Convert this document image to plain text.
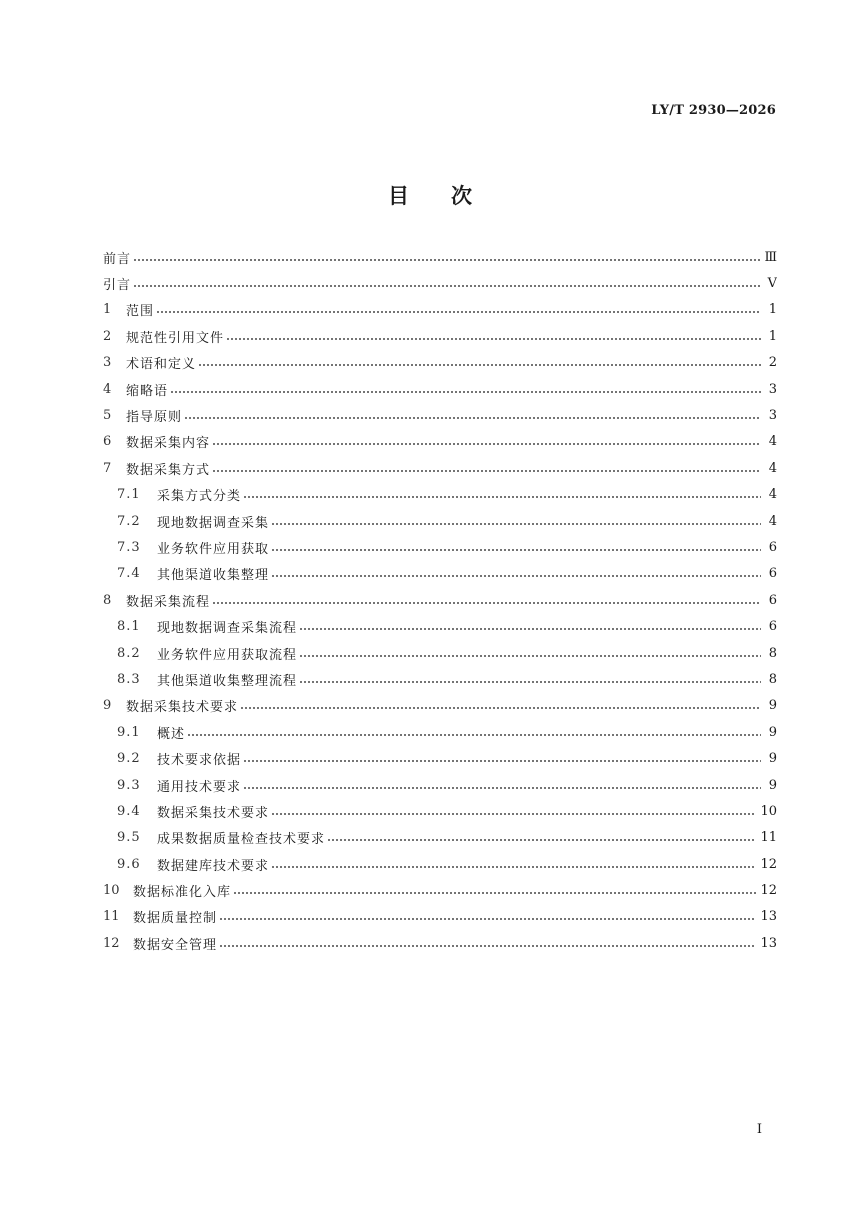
LY/T 2930—2026
目 次
前言	Ⅲ
引言	Ⅴ
1	范围	1
2	规范性引用文件	1
3	术语和定义	2
4	缩略语	3
5	指导原则	3
6	数据采集内容	4
7	数据采集方式	4
7.1	采集方式分类	4
7.2	现地数据调查采集	4
7.3	业务软件应用获取	6
7.4	其他渠道收集整理	6
8	数据采集流程	6
8.1	现地数据调查采集流程	6
8.2	业务软件应用获取流程	8
8.3	其他渠道收集整理流程	8
9	数据采集技术要求	9
9.1	概述	9
9.2	技术要求依据	9
9.3	通用技术要求	9
9.4	数据采集技术要求	10
9.5	成果数据质量检查技术要求	11
9.6	数据建库技术要求	12
10	数据标准化入库	12
11	数据质量控制	13
12	数据安全管理	13
I
